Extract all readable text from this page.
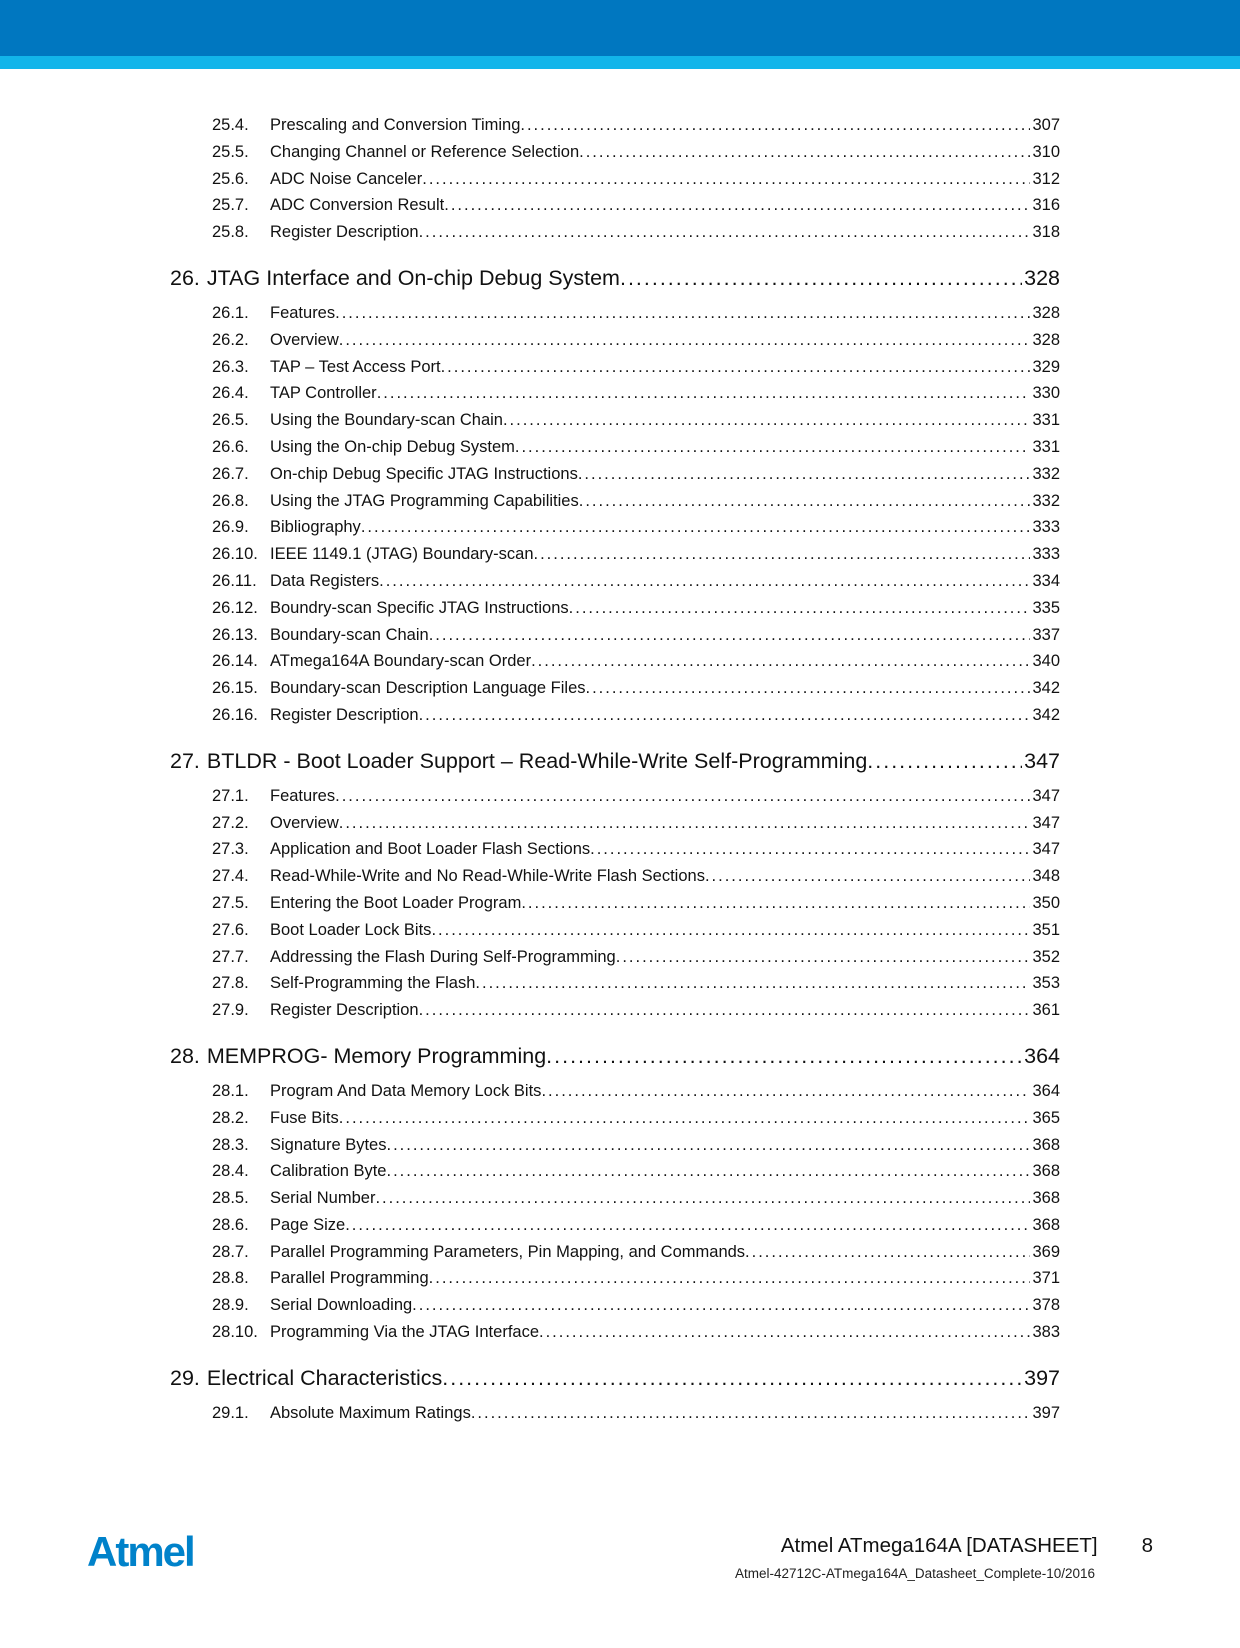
25.4.	Prescaling and Conversion Timing .....	307
25.5.	Changing Channel or Reference Selection .....	310
25.6.	ADC Noise Canceler .....	312
25.7.	ADC Conversion Result .....	316
25.8.	Register Description .....	318
26. JTAG Interface and On-chip Debug System .....	328
26.1.	Features .....	328
26.2.	Overview .....	328
26.3.	TAP – Test Access Port .....	329
26.4.	TAP Controller .....	330
26.5.	Using the Boundary-scan Chain .....	331
26.6.	Using the On-chip Debug System .....	331
26.7.	On-chip Debug Specific JTAG Instructions .....	332
26.8.	Using the JTAG Programming Capabilities .....	332
26.9.	Bibliography .....	333
26.10. IEEE 1149.1 (JTAG) Boundary-scan .....	333
26.11. Data Registers .....	334
26.12. Boundry-scan Specific JTAG Instructions .....	335
26.13. Boundary-scan Chain .....	337
26.14. ATmega164A Boundary-scan Order .....	340
26.15. Boundary-scan Description Language Files .....	342
26.16. Register Description .....	342
27. BTLDR - Boot Loader Support – Read-While-Write Self-Programming .....	347
27.1.	Features .....	347
27.2.	Overview .....	347
27.3.	Application and Boot Loader Flash Sections .....	347
27.4.	Read-While-Write and No Read-While-Write Flash Sections .....	348
27.5.	Entering the Boot Loader Program .....	350
27.6.	Boot Loader Lock Bits .....	351
27.7.	Addressing the Flash During Self-Programming .....	352
27.8.	Self-Programming the Flash .....	353
27.9.	Register Description .....	361
28. MEMPROG- Memory Programming .....	364
28.1.	Program And Data Memory Lock Bits .....	364
28.2.	Fuse Bits .....	365
28.3.	Signature Bytes .....	368
28.4.	Calibration Byte .....	368
28.5.	Serial Number .....	368
28.6.	Page Size .....	368
28.7.	Parallel Programming Parameters, Pin Mapping, and Commands .....	369
28.8.	Parallel Programming .....	371
28.9.	Serial Downloading .....	378
28.10. Programming Via the JTAG Interface .....	383
29. Electrical Characteristics .....	397
29.1.	Absolute Maximum Ratings .....	397
Atmel	Atmel ATmega164A [DATASHEET] 8
Atmel-42712C-ATmega164A_Datasheet_Complete-10/2016
